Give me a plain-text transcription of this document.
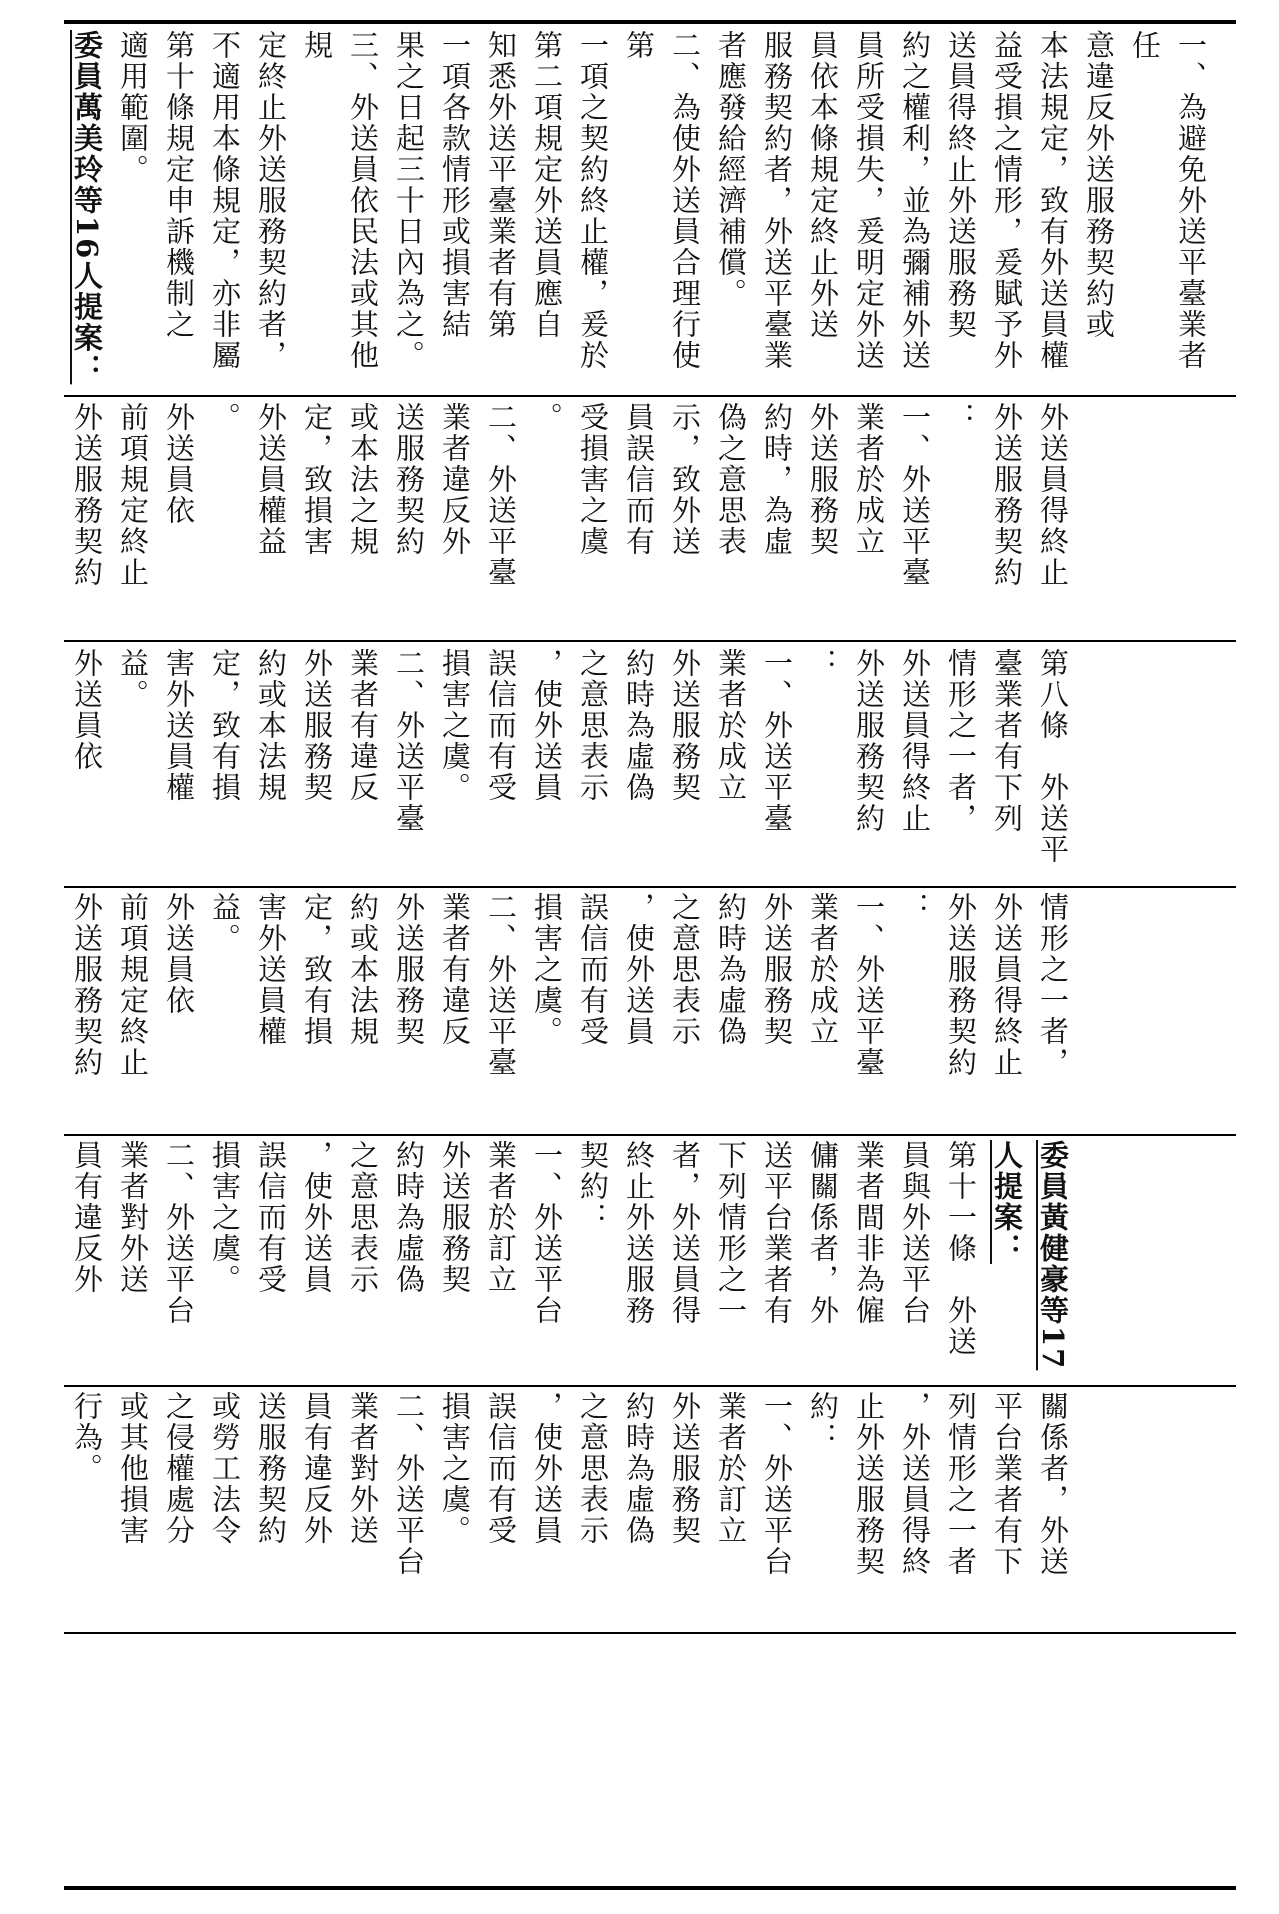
一、為避免外送平臺業者任
意違反外送服務契約或
本法規定，致有外送員權
益受損之情形，爰賦予外
送員得終止外送服務契
約之權利，並為彌補外送
員所受損失，爰明定外送
員依本條規定終止外送
服務契約者，外送平臺業
者應發給經濟補償。
二、為使外送員合理行使第
一項之契約終止權，爰於
第二項規定外送員應自
知悉外送平臺業者有第
一項各款情形或損害結
果之日起三十日內為之。
三、外送員依民法或其他規
定終止外送服務契約者，
不適用本條規定，亦非屬
第十條規定申訴機制之
適用範圍。
委員萬美玲等16人提案：
外送員得終止
外送服務契約
：
一、外送平臺
業者於成立
外送服務契
約時，為虛
偽之意思表
示，致外送
員誤信而有
受損害之虞
。
二、外送平臺
業者違反外
送服務契約
或本法之規
定，致損害
外送員權益
。
外送員依
前項規定終止
外送服務契約
第八條　外送平
臺業者有下列
情形之一者，
外送員得終止
外送服務契約
：
一、外送平臺
業者於成立
外送服務契
約時為虛偽
之意思表示
，使外送員
誤信而有受
損害之虞。
二、外送平臺
業者有違反
外送服務契
約或本法規
定，致有損
害外送員權
益。
外送員依
情形之一者，
外送員得終止
外送服務契約
：
一、外送平臺
業者於成立
外送服務契
約時為虛偽
之意思表示
，使外送員
誤信而有受
損害之虞。
二、外送平臺
業者有違反
外送服務契
約或本法規
定，致有損
害外送員權
益。
外送員依
前項規定終止
外送服務契約
委員黃健豪等17
人提案：
第十一條　外送
員與外送平台
業者間非為僱
傭關係者，外
送平台業者有
下列情形之一
者，外送員得
終止外送服務
契約：
一、外送平台
業者於訂立
外送服務契
約時為虛偽
之意思表示
，使外送員
誤信而有受
損害之虞。
二、外送平台
業者對外送
員有違反外
關係者，外送
平台業者有下
列情形之一者
，外送員得終
止外送服務契
約：
一、外送平台
業者於訂立
外送服務契
約時為虛偽
之意思表示
，使外送員
誤信而有受
損害之虞。
二、外送平台
業者對外送
員有違反外
送服務契約
或勞工法令
之侵權處分
或其他損害
行為。
